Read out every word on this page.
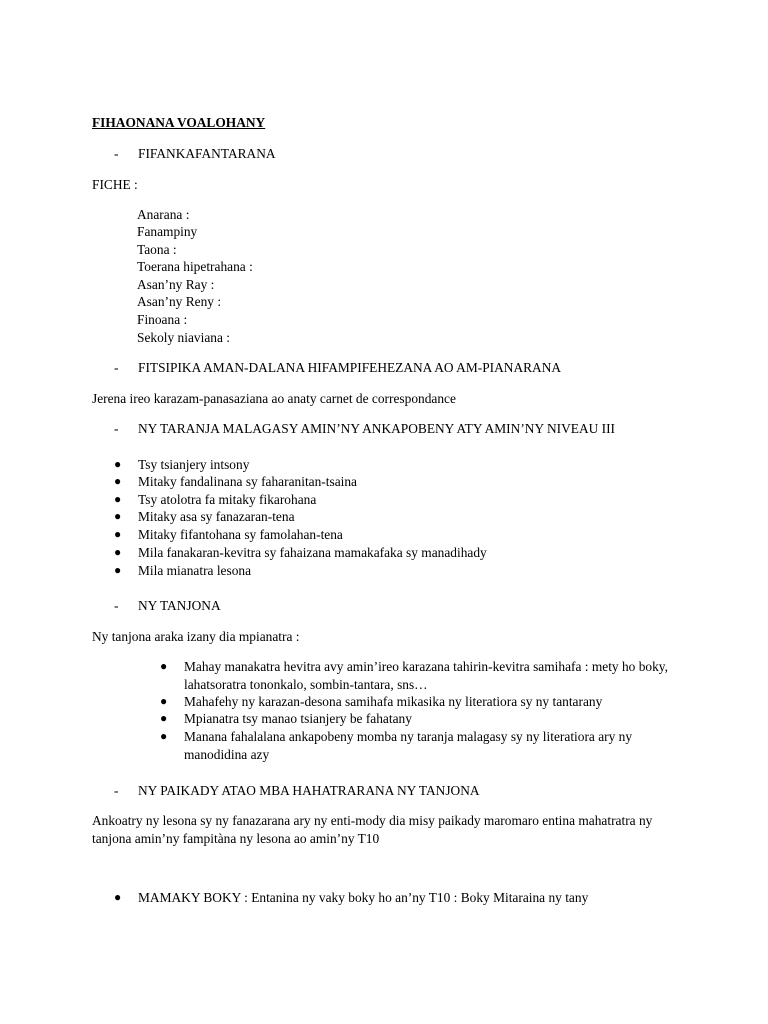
FIHAONANA VOALOHANY
- FIFANKAFANTARANA
FICHE :
Anarana :
Fanampiny
Taona :
Toerana hipetrahana :
Asan’ny Ray :
Asan’ny Reny :
Finoana :
Sekoly niaviana :
- FITSIPIKA AMAN-DALANA HIFAMPIFEHEZANA AO AM-PIANARANA
Jerena ireo karazam-panasaziana ao anaty carnet de correspondance
- NY TARANJA MALAGASY AMIN’NY ANKAPOBENY ATY AMIN’NY NIVEAU III
● Tsy tsianjery intsony
● Mitaky fandalinana sy faharanitan-tsaina
● Tsy atolotra fa mitaky fikarohana
● Mitaky asa sy fanazaran-tena
● Mitaky fifantohana sy famolahan-tena
● Mila fanakaran-kevitra sy fahaizana mamakafaka sy manadihady
● Mila mianatra lesona
- NY TANJONA
Ny tanjona araka izany dia mpianatra :
● Mahay manakatra hevitra avy amin’ireo karazana tahirin-kevitra samihafa : mety ho boky, lahatsoratra tononkalo, sombin-tantara, sns…
● Mahafehy ny karazan-desona samihafa mikasika ny literatiora sy ny tantarany
● Mpianatra tsy manao tsianjery be fahatany
● Manana fahalalana ankapobeny momba ny taranja malagasy sy ny literatiora ary ny manodidina azy
- NY PAIKADY ATAO MBA HAHATRARANA NY TANJONA
Ankoatry ny lesona sy ny fanazarana ary ny enti-mody dia misy paikady maromaro entina mahatratra ny tanjona amin’ny fampitàna ny lesona ao amin’ny T10
● MAMAKY BOKY : Entanina ny vaky boky ho an’ny T10 : Boky Mitaraina ny tany
